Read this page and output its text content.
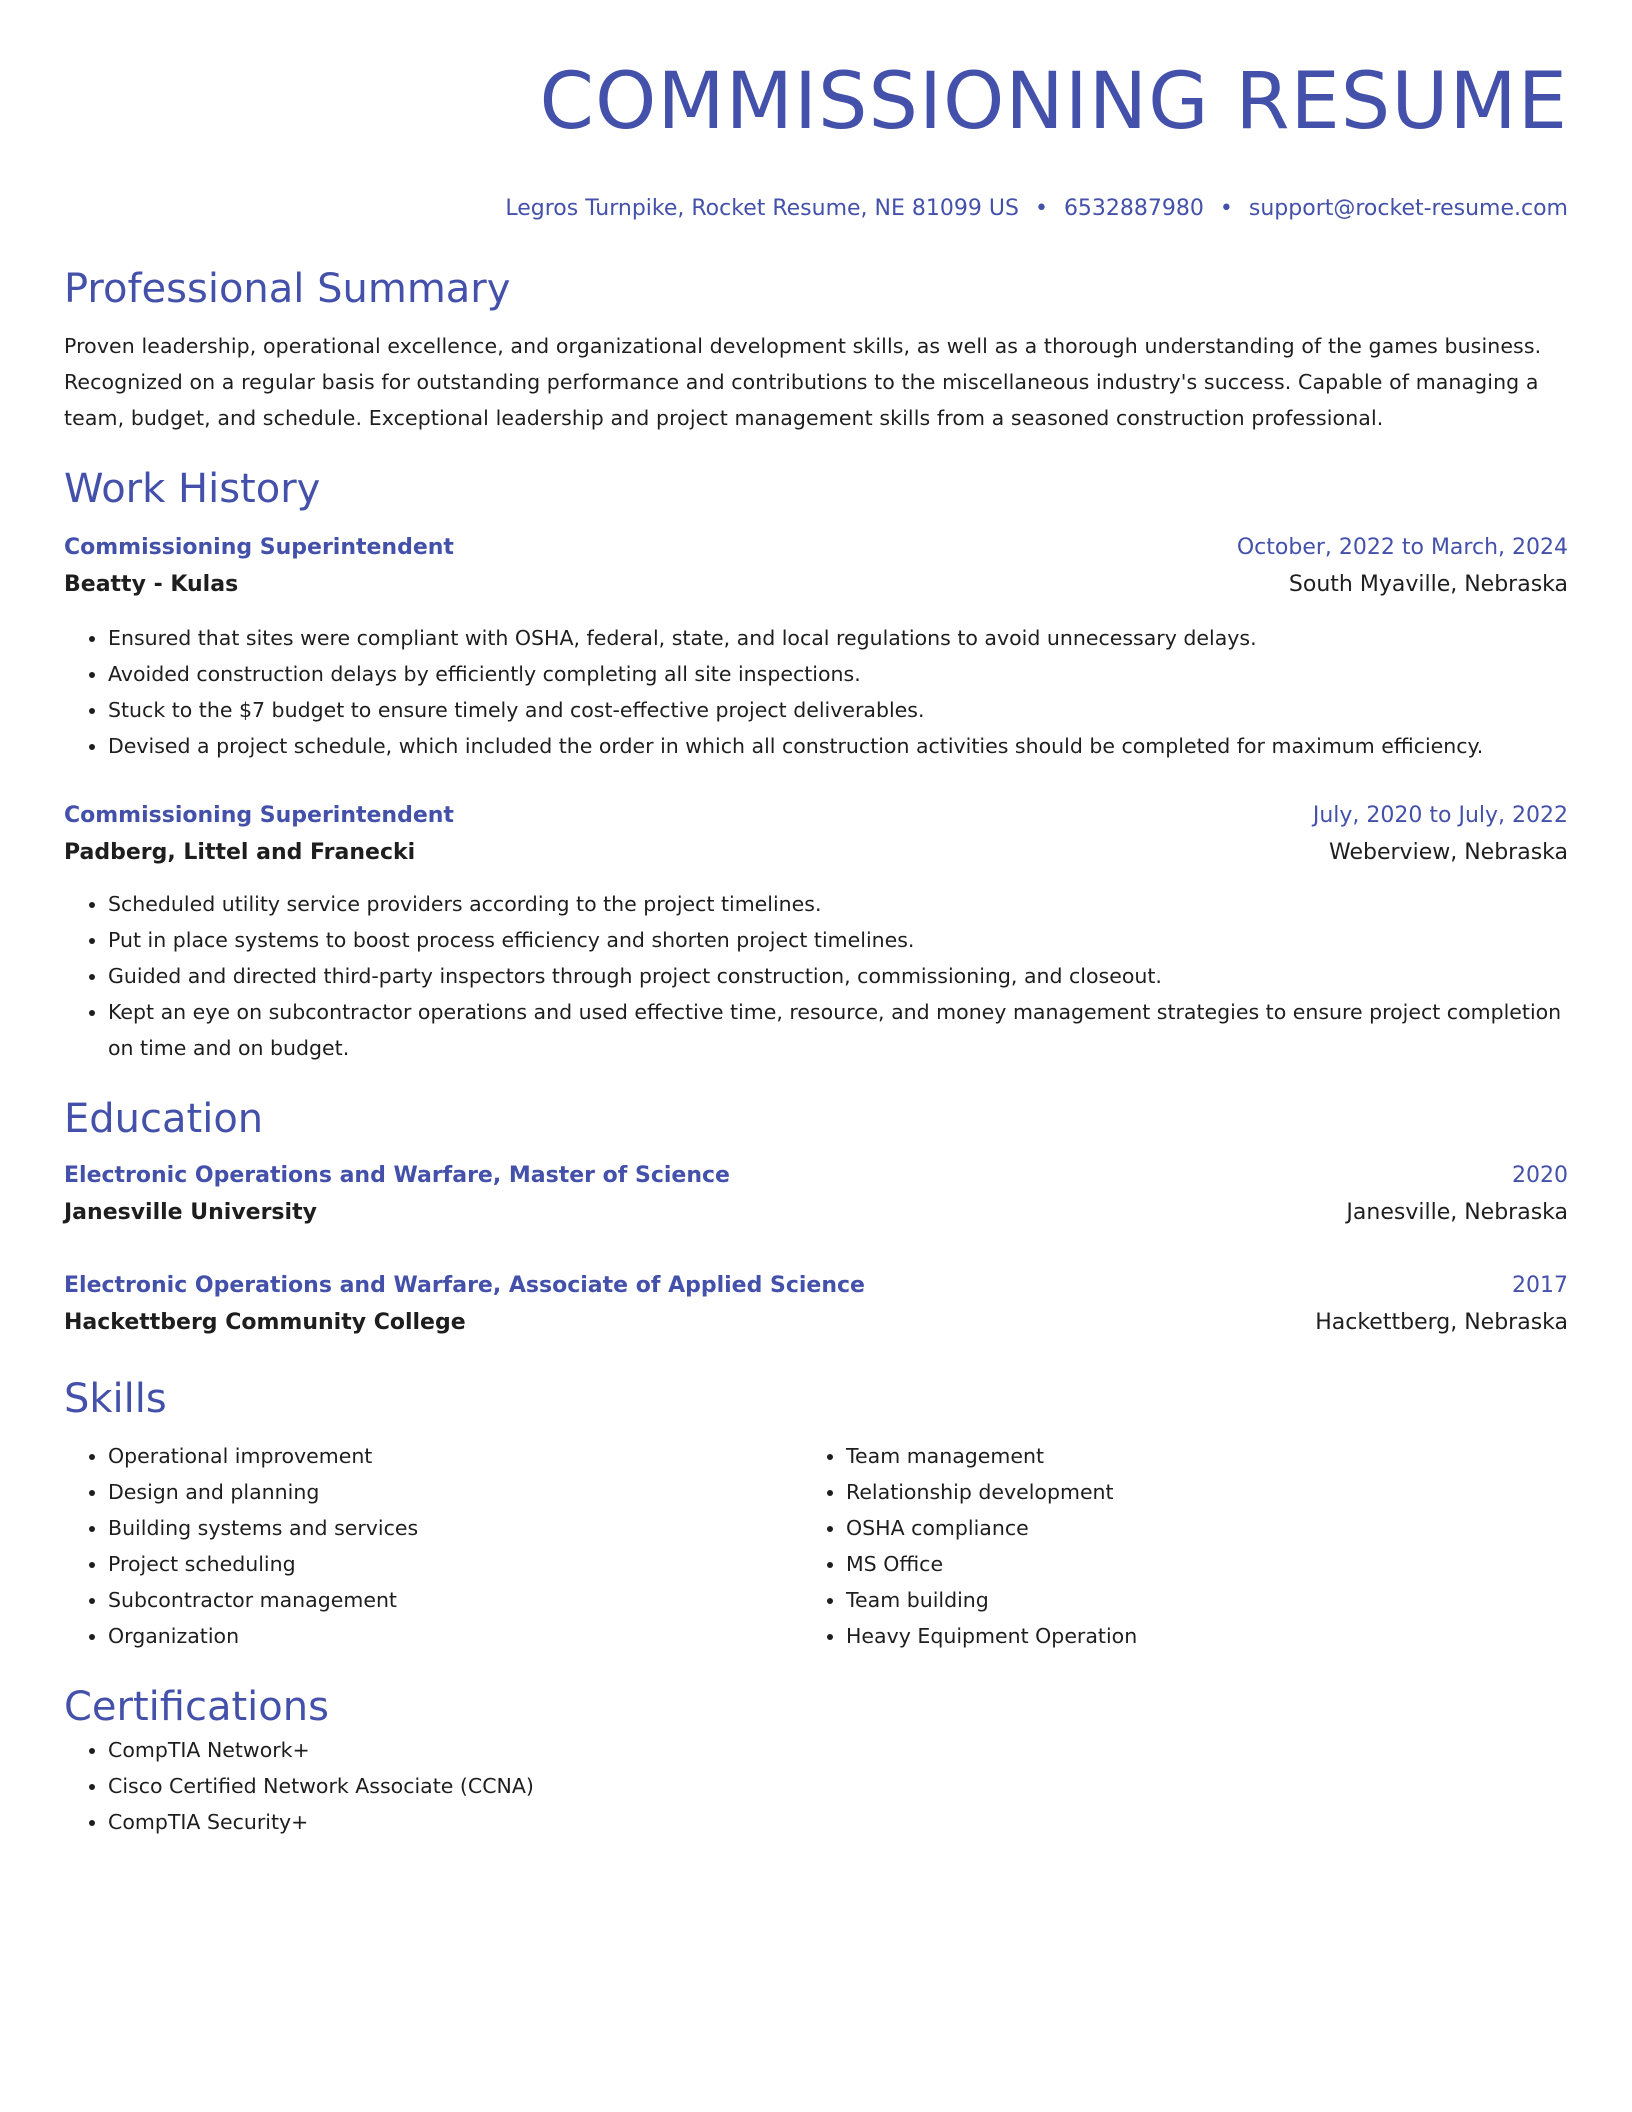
COMMISSIONING RESUME
Legros Turnpike, Rocket Resume, NE 81099 US • 6532887980 • support@rocket-resume.com
Professional Summary
Proven leadership, operational excellence, and organizational development skills, as well as a thorough understanding of the games business. Recognized on a regular basis for outstanding performance and contributions to the miscellaneous industry's success. Capable of managing a team, budget, and schedule. Exceptional leadership and project management skills from a seasoned construction professional.
Work History
Commissioning Superintendent	October, 2022 to March, 2024
Beatty - Kulas	South Myaville, Nebraska
• Ensured that sites were compliant with OSHA, federal, state, and local regulations to avoid unnecessary delays.
• Avoided construction delays by efficiently completing all site inspections.
• Stuck to the $7 budget to ensure timely and cost-effective project deliverables.
• Devised a project schedule, which included the order in which all construction activities should be completed for maximum efficiency.
Commissioning Superintendent	July, 2020 to July, 2022
Padberg, Littel and Franecki	Weberview, Nebraska
• Scheduled utility service providers according to the project timelines.
• Put in place systems to boost process efficiency and shorten project timelines.
• Guided and directed third-party inspectors through project construction, commissioning, and closeout.
• Kept an eye on subcontractor operations and used effective time, resource, and money management strategies to ensure project completion on time and on budget.
Education
Electronic Operations and Warfare, Master of Science	2020
Janesville University	Janesville, Nebraska
Electronic Operations and Warfare, Associate of Applied Science	2017
Hackettberg Community College	Hackettberg, Nebraska
Skills
• Operational improvement
• Design and planning
• Building systems and services
• Project scheduling
• Subcontractor management
• Organization
• Team management
• Relationship development
• OSHA compliance
• MS Office
• Team building
• Heavy Equipment Operation
Certifications
• CompTIA Network+
• Cisco Certified Network Associate (CCNA)
• CompTIA Security+
